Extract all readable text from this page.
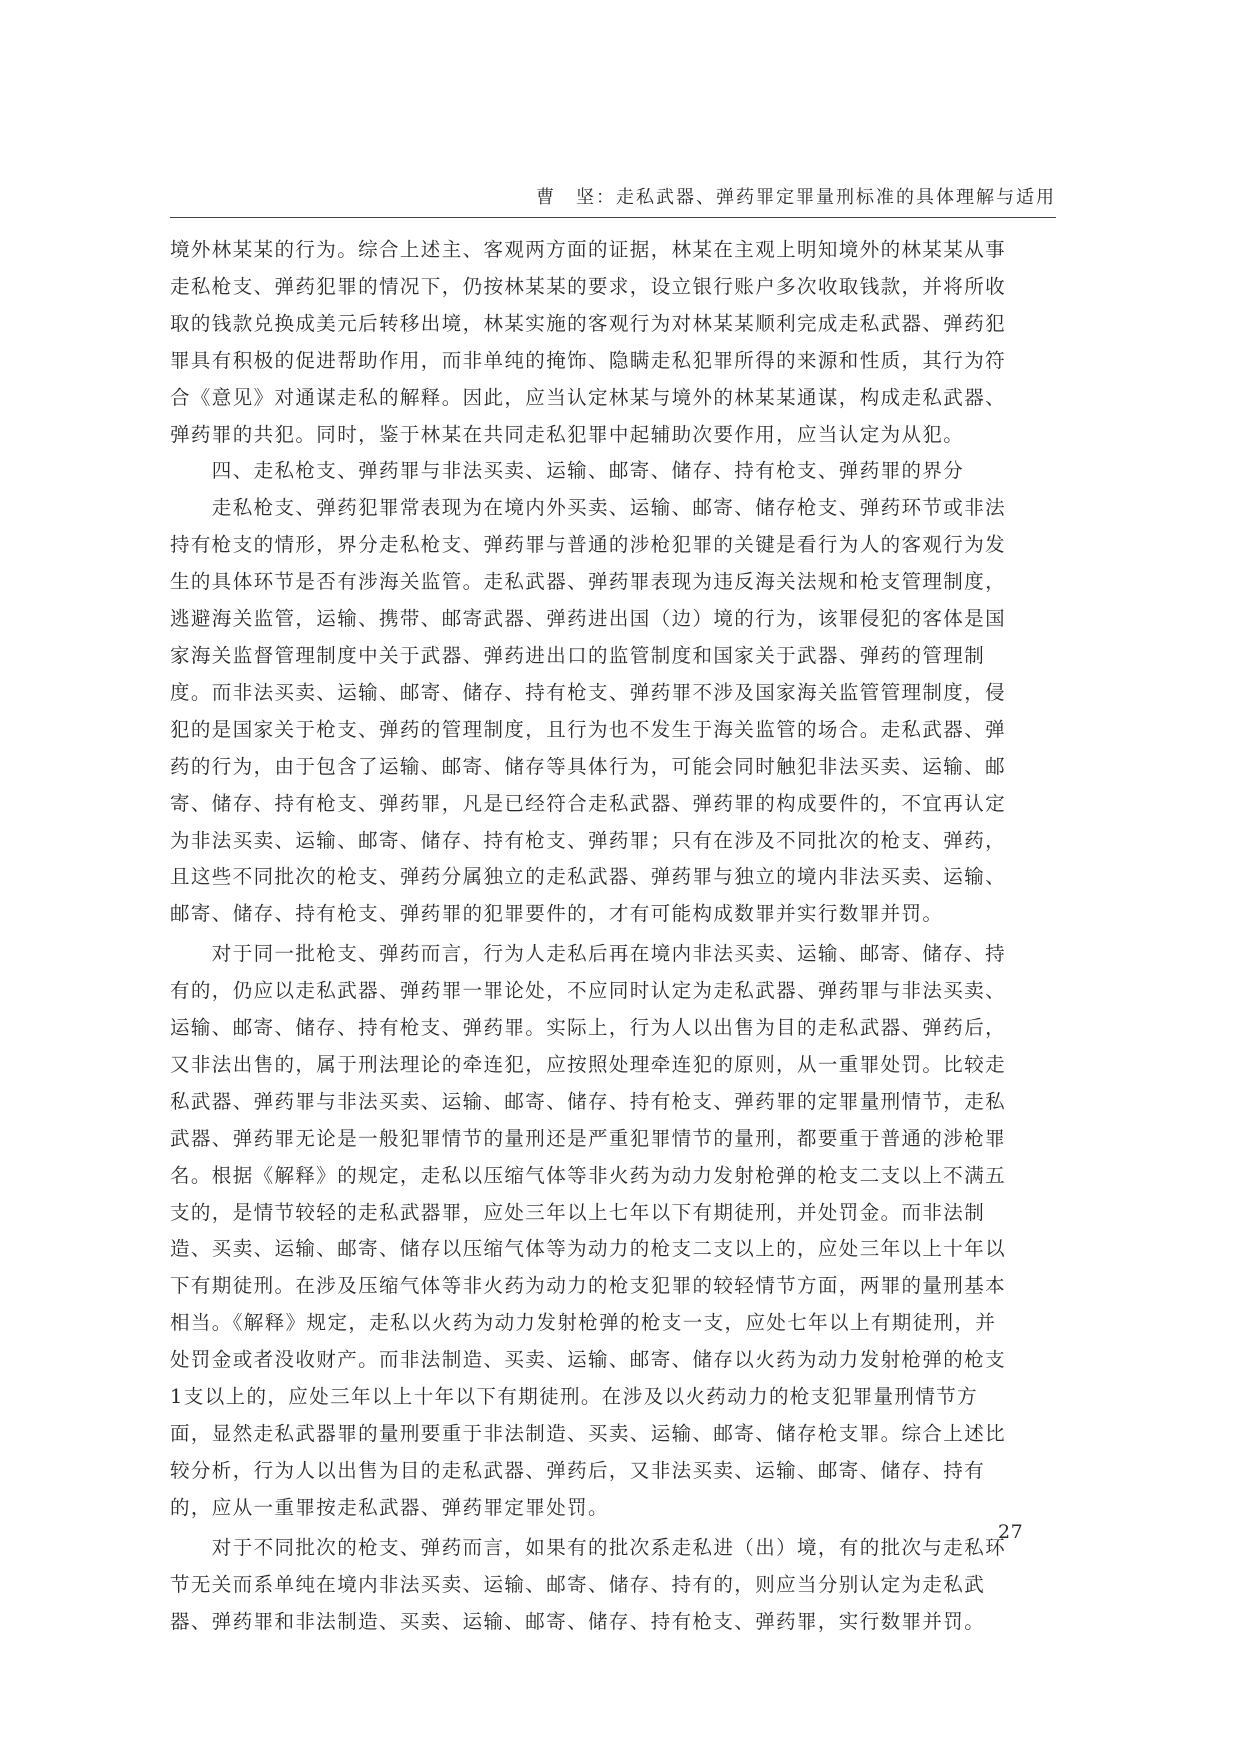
曹　坚：走私武器、弹药罪定罪量刑标准的具体理解与适用

境外林某某的行为。综合上述主、客观两方面的证据，林某在主观上明知境外的林某某从事
走私枪支、弹药犯罪的情况下，仍按林某某的要求，设立银行账户多次收取钱款，并将所收
取的钱款兑换成美元后转移出境，林某实施的客观行为对林某某顺利完成走私武器、弹药犯
罪具有积极的促进帮助作用，而非单纯的掩饰、隐瞒走私犯罪所得的来源和性质，其行为符
合《意见》对通谋走私的解释。因此，应当认定林某与境外的林某某通谋，构成走私武器、
弹药罪的共犯。同时，鉴于林某在共同走私犯罪中起辅助次要作用，应当认定为从犯。

　　四、走私枪支、弹药罪与非法买卖、运输、邮寄、储存、持有枪支、弹药罪的界分

　　走私枪支、弹药犯罪常表现为在境内外买卖、运输、邮寄、储存枪支、弹药环节或非法
持有枪支的情形，界分走私枪支、弹药罪与普通的涉枪犯罪的关键是看行为人的客观行为发
生的具体环节是否有涉海关监管。走私武器、弹药罪表现为违反海关法规和枪支管理制度，
逃避海关监管，运输、携带、邮寄武器、弹药进出国（边）境的行为，该罪侵犯的客体是国
家海关监督管理制度中关于武器、弹药进出口的监管制度和国家关于武器、弹药的管理制
度。而非法买卖、运输、邮寄、储存、持有枪支、弹药罪不涉及国家海关监管管理制度，侵
犯的是国家关于枪支、弹药的管理制度，且行为也不发生于海关监管的场合。走私武器、弹
药的行为，由于包含了运输、邮寄、储存等具体行为，可能会同时触犯非法买卖、运输、邮
寄、储存、持有枪支、弹药罪，凡是已经符合走私武器、弹药罪的构成要件的，不宜再认定
为非法买卖、运输、邮寄、储存、持有枪支、弹药罪；只有在涉及不同批次的枪支、弹药，
且这些不同批次的枪支、弹药分属独立的走私武器、弹药罪与独立的境内非法买卖、运输、
邮寄、储存、持有枪支、弹药罪的犯罪要件的，才有可能构成数罪并实行数罪并罚。

　　对于同一批枪支、弹药而言，行为人走私后再在境内非法买卖、运输、邮寄、储存、持
有的，仍应以走私武器、弹药罪一罪论处，不应同时认定为走私武器、弹药罪与非法买卖、
运输、邮寄、储存、持有枪支、弹药罪。实际上，行为人以出售为目的走私武器、弹药后，
又非法出售的，属于刑法理论的牵连犯，应按照处理牵连犯的原则，从一重罪处罚。比较走
私武器、弹药罪与非法买卖、运输、邮寄、储存、持有枪支、弹药罪的定罪量刑情节，走私
武器、弹药罪无论是一般犯罪情节的量刑还是严重犯罪情节的量刑，都要重于普通的涉枪罪
名。根据《解释》的规定，走私以压缩气体等非火药为动力发射枪弹的枪支二支以上不满五
支的，是情节较轻的走私武器罪，应处三年以上七年以下有期徒刑，并处罚金。而非法制
造、买卖、运输、邮寄、储存以压缩气体等为动力的枪支二支以上的，应处三年以上十年以
下有期徒刑。在涉及压缩气体等非火药为动力的枪支犯罪的较轻情节方面，两罪的量刑基本
相当。《解释》规定，走私以火药为动力发射枪弹的枪支一支，应处七年以上有期徒刑，并
处罚金或者没收财产。而非法制造、买卖、运输、邮寄、储存以火药为动力发射枪弹的枪支
1支以上的，应处三年以上十年以下有期徒刑。在涉及以火药动力的枪支犯罪量刑情节方
面，显然走私武器罪的量刑要重于非法制造、买卖、运输、邮寄、储存枪支罪。综合上述比
较分析，行为人以出售为目的走私武器、弹药后，又非法买卖、运输、邮寄、储存、持有
的，应从一重罪按走私武器、弹药罪定罪处罚。

　　对于不同批次的枪支、弹药而言，如果有的批次系走私进（出）境，有的批次与走私环
节无关而系单纯在境内非法买卖、运输、邮寄、储存、持有的，则应当分别认定为走私武
器、弹药罪和非法制造、买卖、运输、邮寄、储存、持有枪支、弹药罪，实行数罪并罚。

27
